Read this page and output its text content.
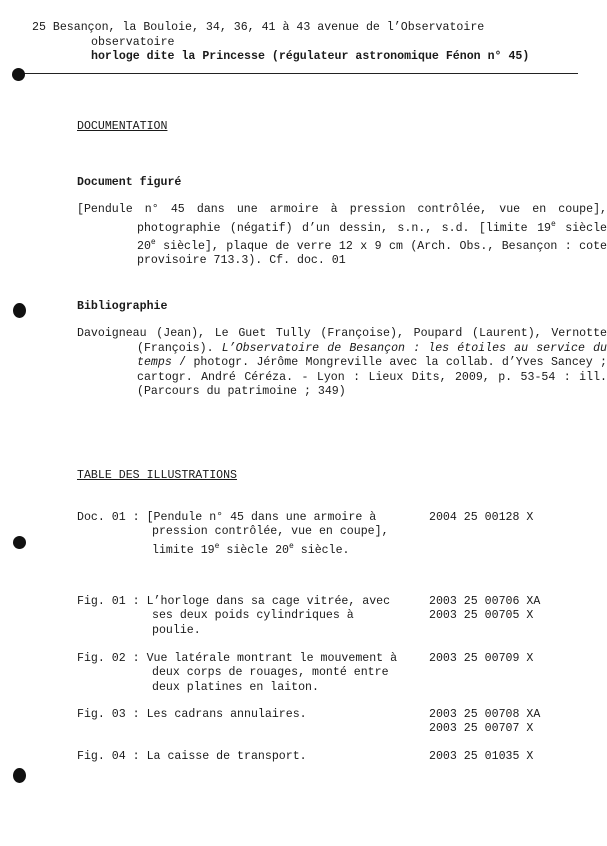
25 Besançon, la Bouloie, 34, 36, 41 à 43 avenue de l’Observatoire
observatoire
horloge dite la Princesse (régulateur astronomique Fénon n° 45)
DOCUMENTATION
Document figuré
[Pendule n° 45 dans une armoire à pression contrôlée, vue en coupe], photographie (négatif) d’un dessin, s.n., s.d. [limite 19e siècle 20e siècle], plaque de verre 12 x 9 cm (Arch. Obs., Besançon : cote provisoire 713.3). Cf. doc. 01
Bibliographie
Davoigneau (Jean), Le Guet Tully (Françoise), Poupard (Laurent), Vernotte (François). L’Observatoire de Besançon : les étoiles au service du temps / photogr. Jérôme Mongreville avec la collab. d’Yves Sancey ; cartogr. André Céréza. - Lyon : Lieux Dits, 2009, p. 53-54 : ill. (Parcours du patrimoine ; 349)
TABLE DES ILLUSTRATIONS
Doc. 01 : [Pendule n° 45 dans une armoire à pression contrôlée, vue en coupe], limite 19e siècle 20e siècle.
2004 25 00128 X
Fig. 01 : L’horloge dans sa cage vitrée, avec ses deux poids cylindriques à poulie.
2003 25 00706 XA
2003 25 00705 X
Fig. 02 : Vue latérale montrant le mouvement à deux corps de rouages, monté entre deux platines en laiton.
2003 25 00709 X
Fig. 03 : Les cadrans annulaires.	2003 25 00708 XA
2003 25 00707 X
Fig. 04 : La caisse de transport.	2003 25 01035 X
